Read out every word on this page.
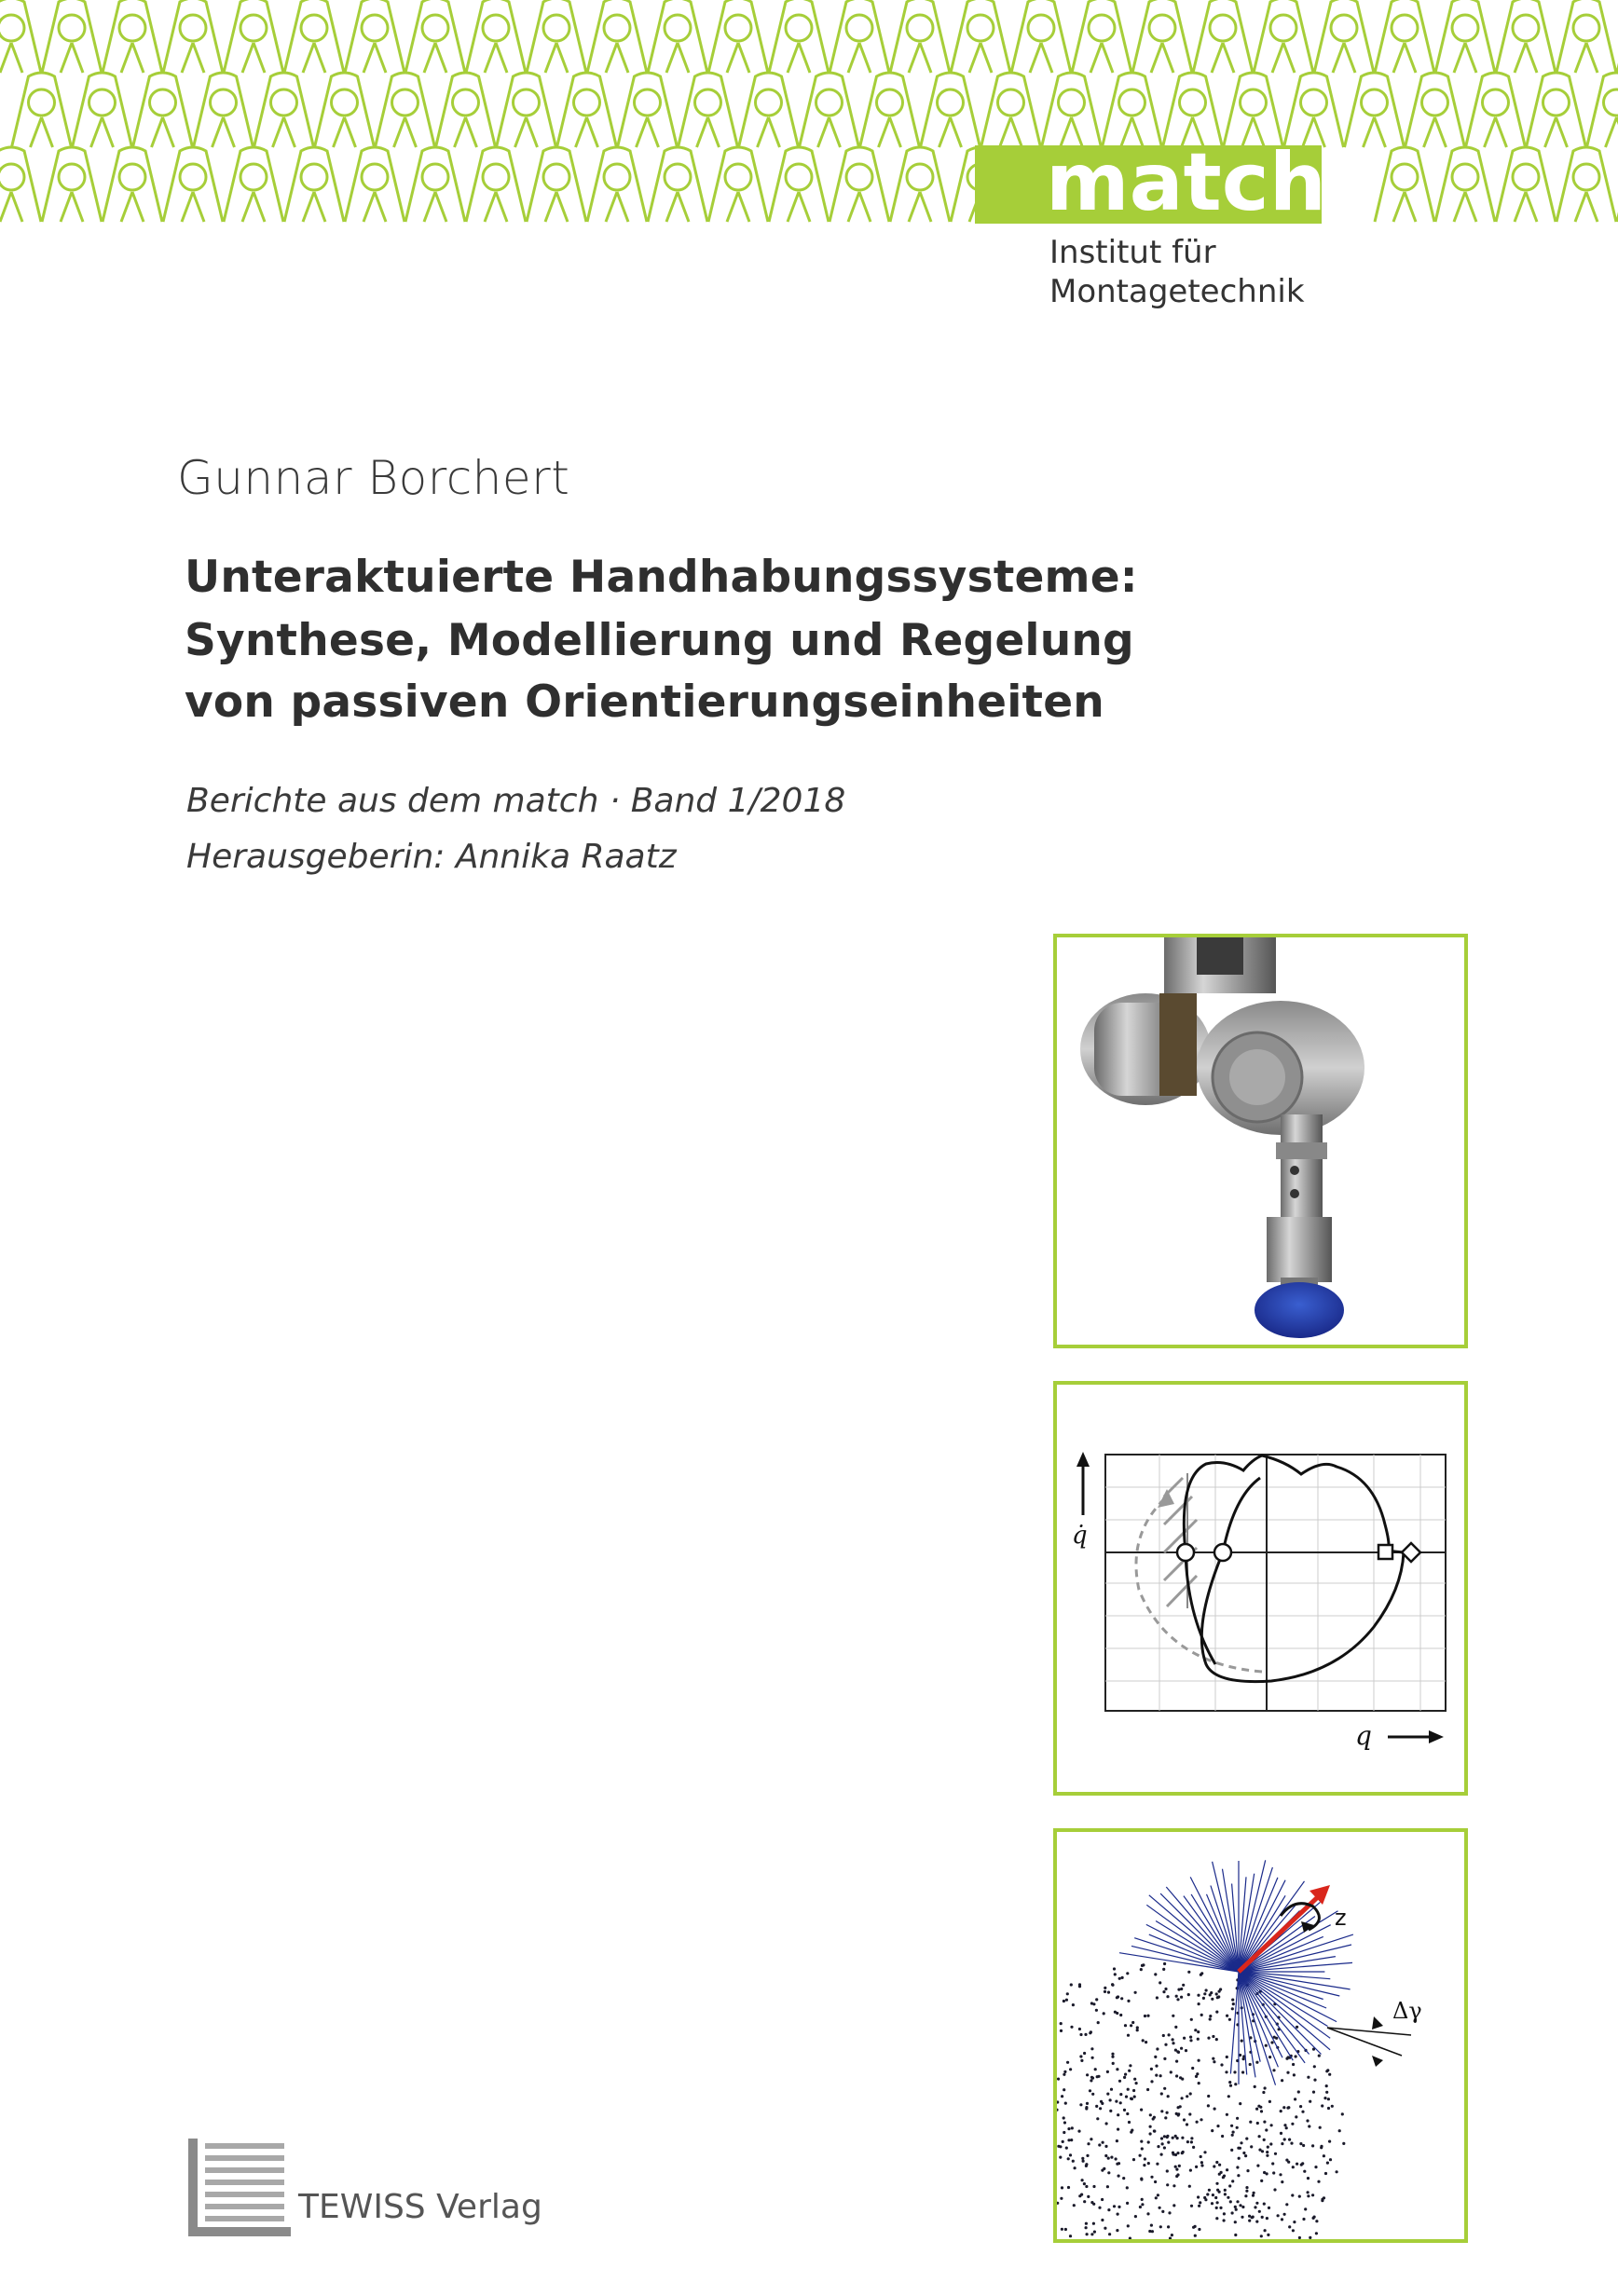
match
Institut für
Montagetechnik
Gunnar Borchert
Unteraktuierte Handhabungssysteme:
Synthese, Modellierung und Regelung
von passiven Orientierungseinheiten
Berichte aus dem match · Band 1/2018
Herausgeberin: Annika Raatz
q̇
q
z
Δγ
TEWISS Verlag
